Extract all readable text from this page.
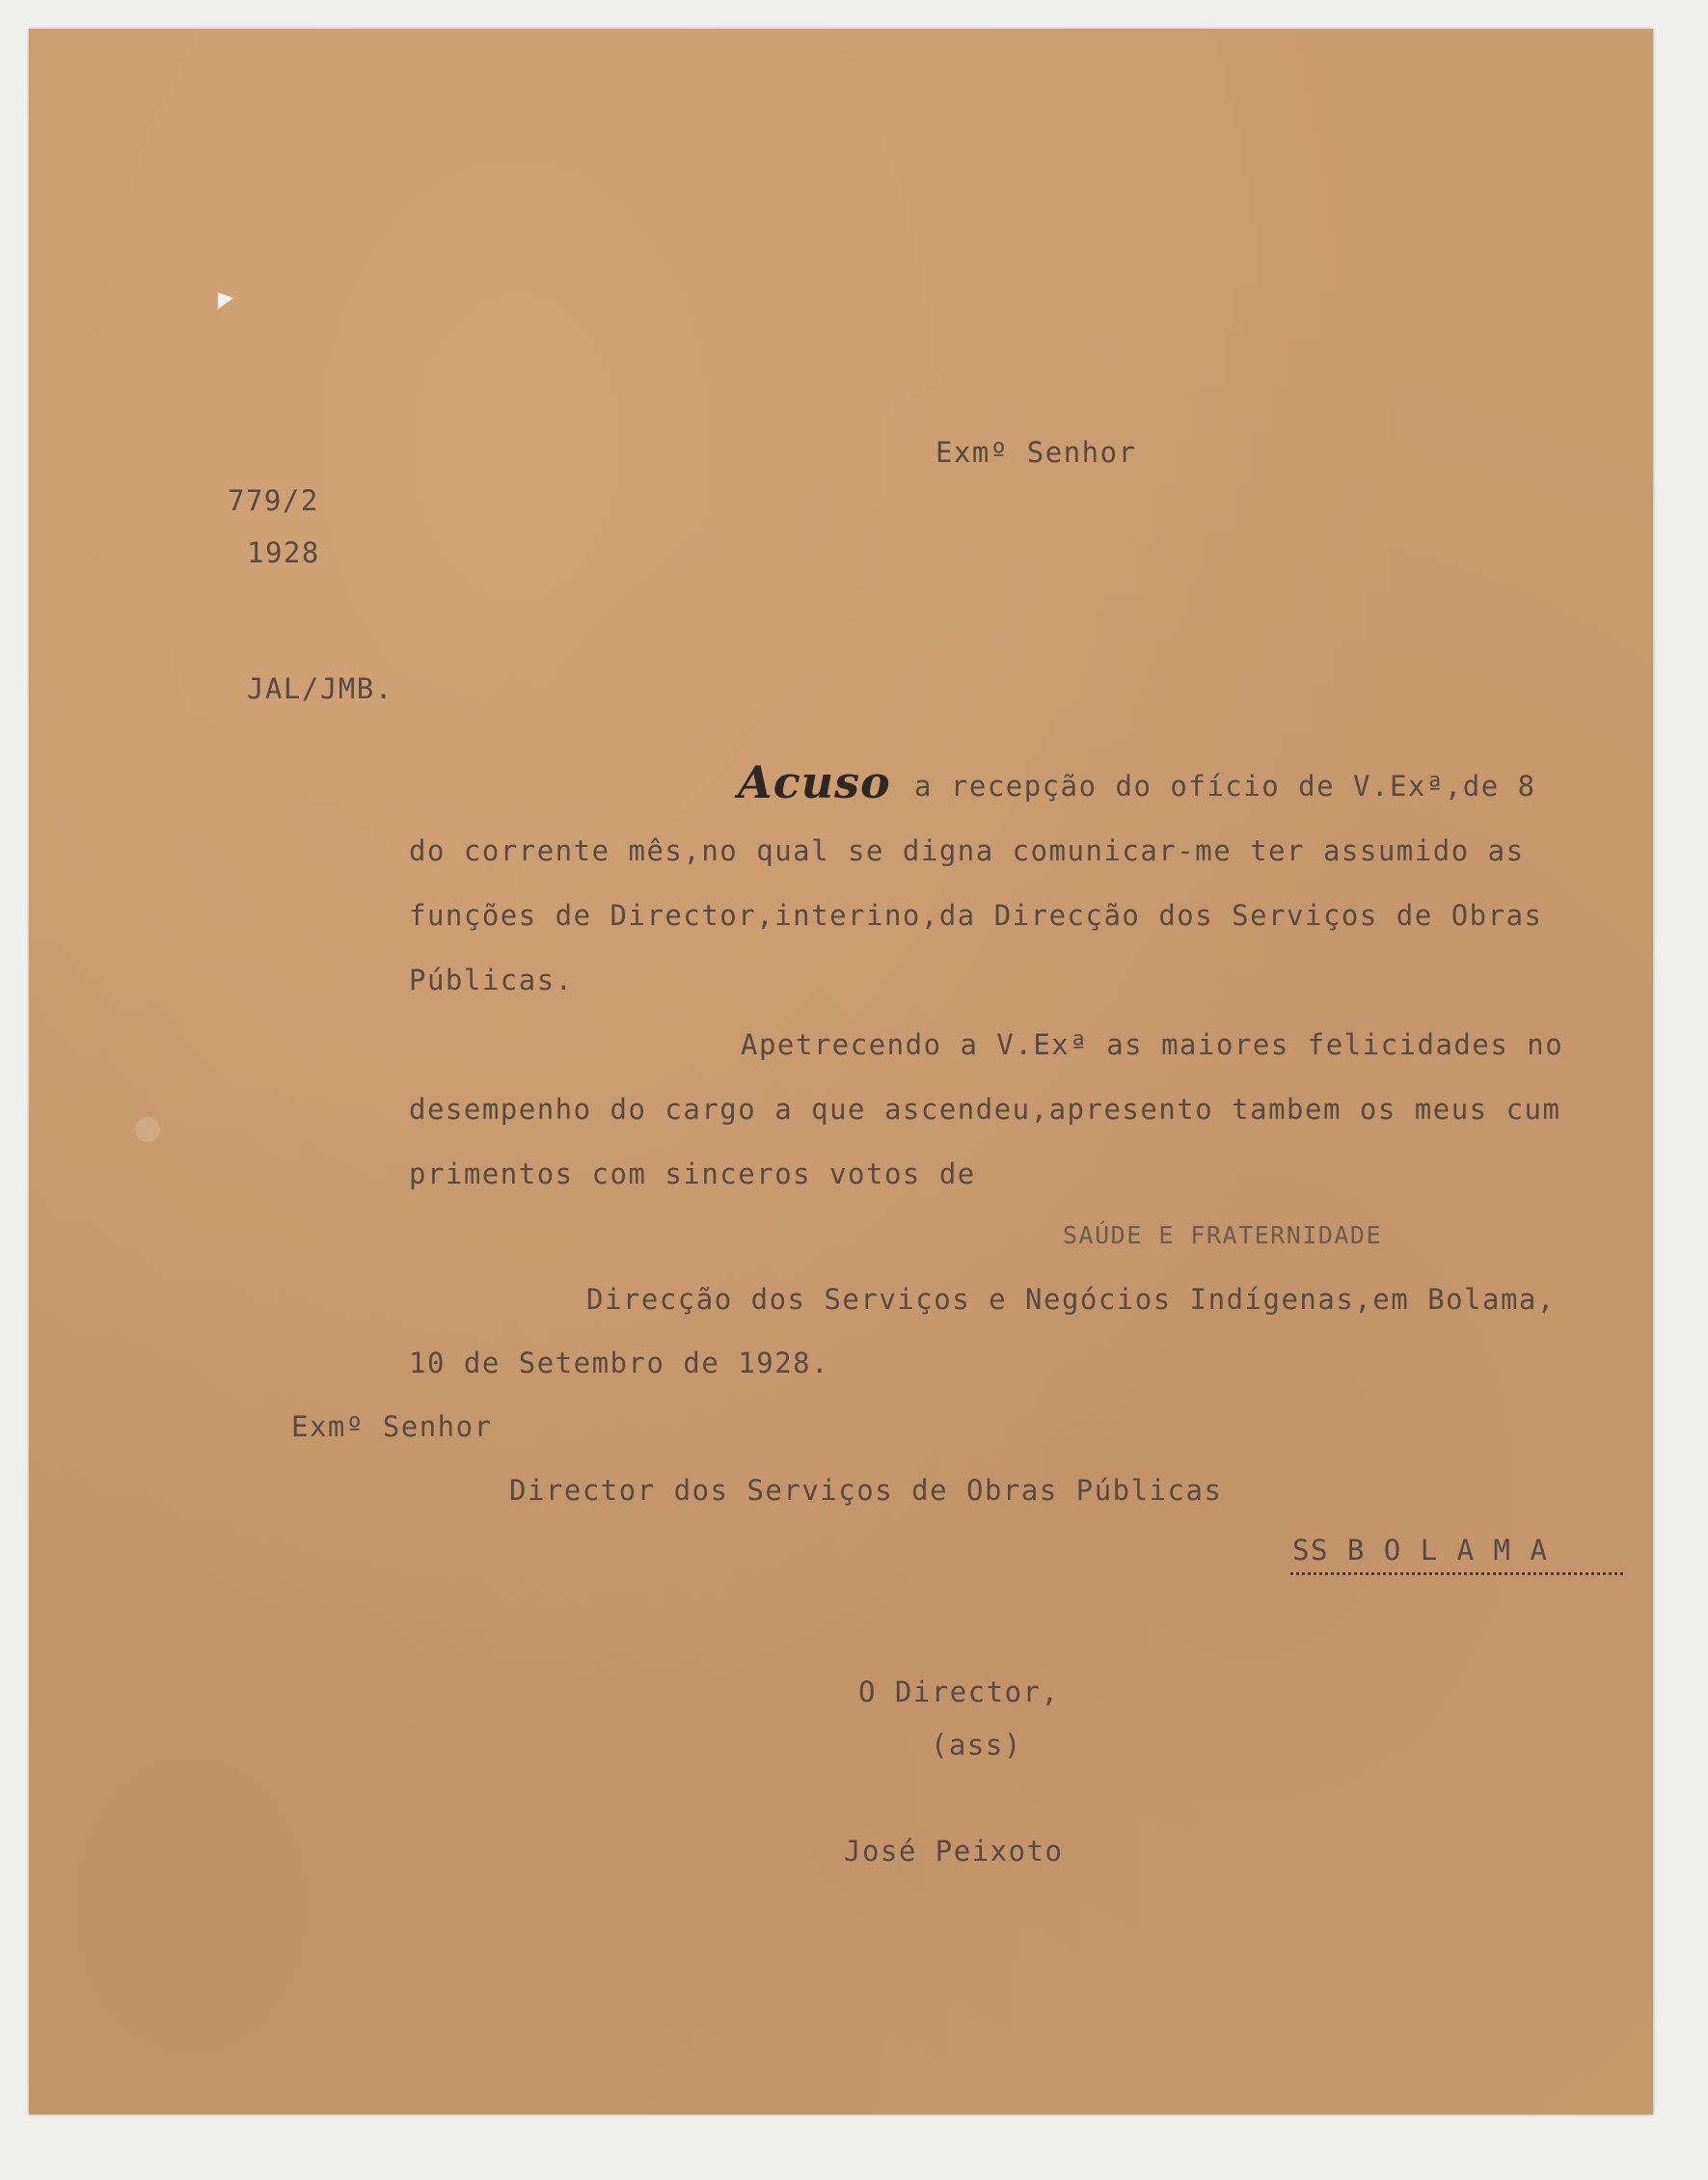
Exmº Senhor

779/2

1928

JAL/JMB.

Acuso a recepção do ofício de V.Exª,de 8

do corrente mês,no qual se digna comunicar-me ter assumido as

funções de Director,interino,da Direcção dos Serviços de Obras

Públicas.

Apetrecendo a V.Exª as maiores felicidades no

desempenho do cargo a que ascendeu,apresento tambem os meus cum

primentos com sinceros votos de

SAÚDE E FRATERNIDADE

Direcção dos Serviços e Negócios Indígenas,em Bolama,

10 de Setembro de 1928.

Exmº Senhor

Director dos Serviços de Obras Públicas

SS B O L A M A

O Director,

(ass)

José Peixoto
